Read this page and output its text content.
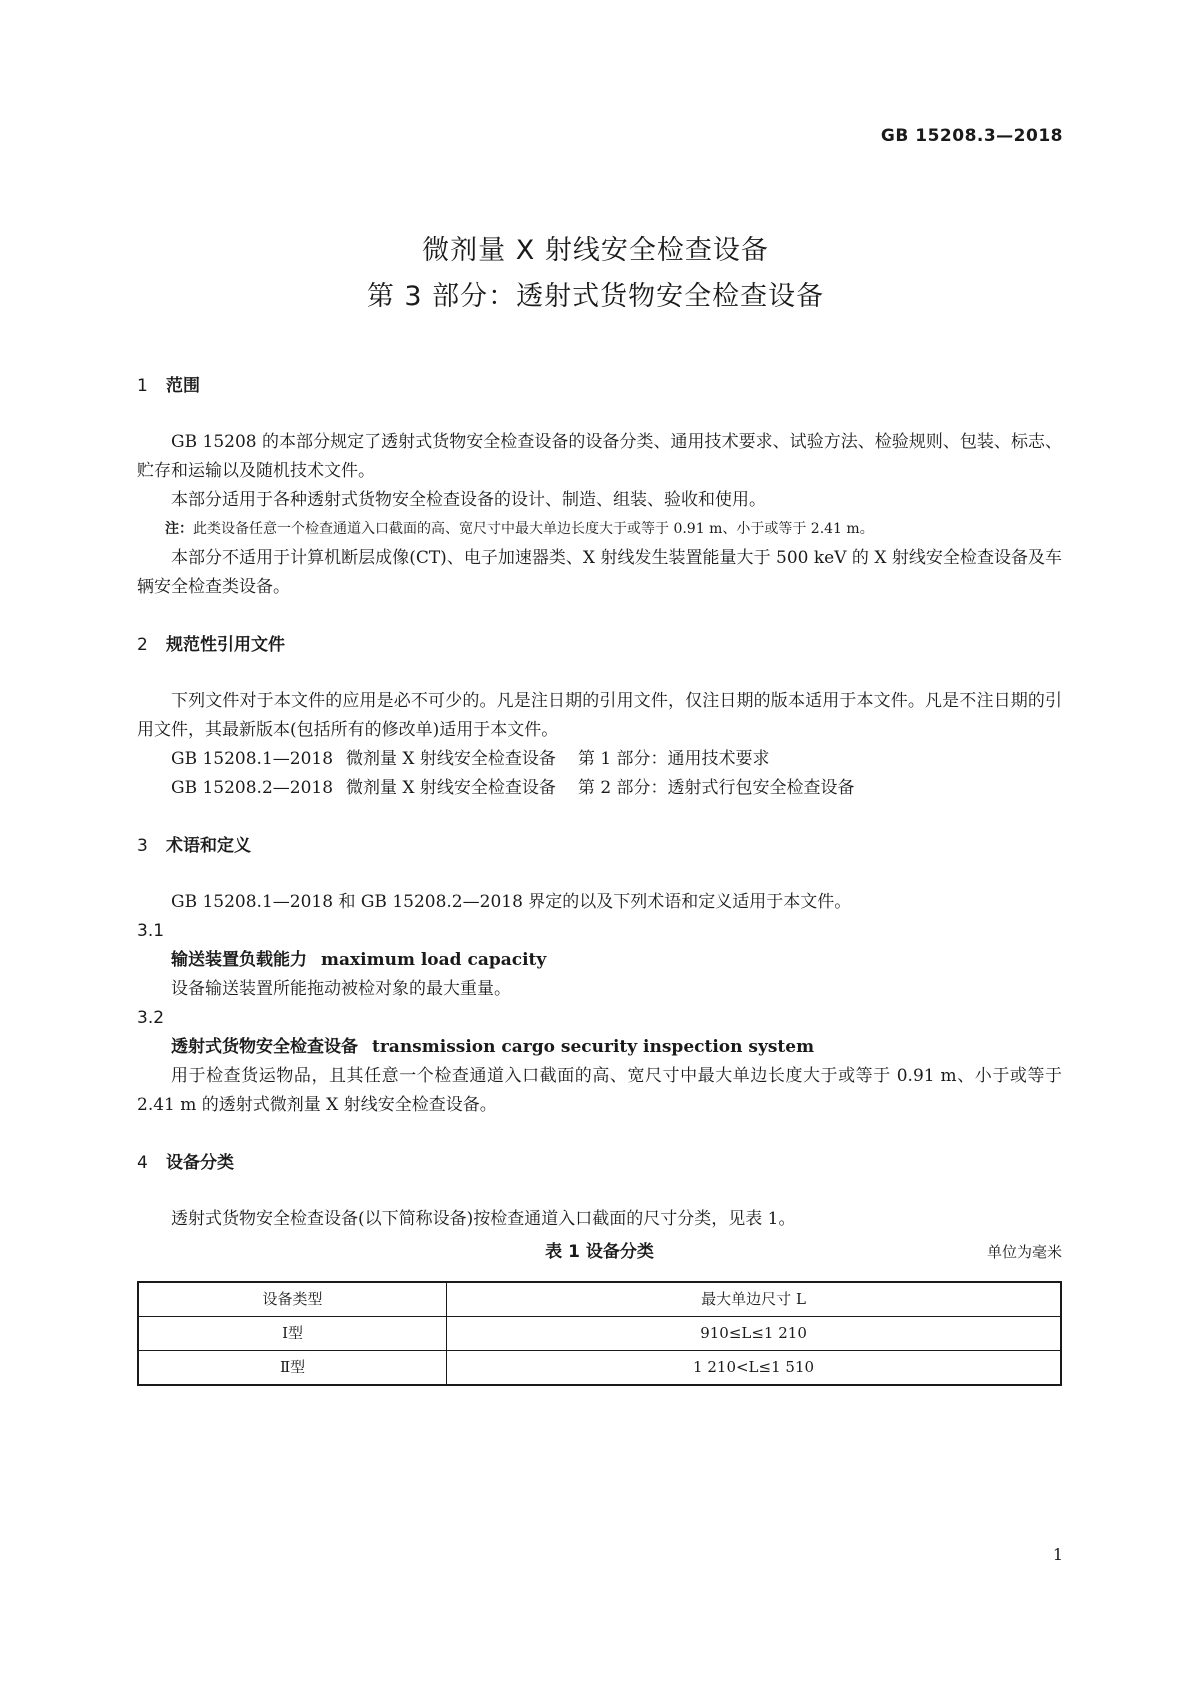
GB 15208.3—2018
微剂量 X 射线安全检查设备
第 3 部分：透射式货物安全检查设备
1 范围

GB 15208 的本部分规定了透射式货物安全检查设备的设备分类、通用技术要求、试验方法、检验规则、包装、标志、贮存和运输以及随机技术文件。

本部分适用于各种透射式货物安全检查设备的设计、制造、组装、验收和使用。

注：此类设备任意一个检查通道入口截面的高、宽尺寸中最大单边长度大于或等于 0.91 m、小于或等于 2.41 m。

本部分不适用于计算机断层成像(CT)、电子加速器类、X 射线发生装置能量大于 500 keV 的 X 射线安全检查设备及车辆安全检查类设备。

2 规范性引用文件

下列文件对于本文件的应用是必不可少的。凡是注日期的引用文件，仅注日期的版本适用于本文件。凡是不注日期的引用文件，其最新版本(包括所有的修改单)适用于本文件。

GB 15208.1—2018 微剂量 X 射线安全检查设备 第 1 部分：通用技术要求
GB 15208.2—2018 微剂量 X 射线安全检查设备 第 2 部分：透射式行包安全检查设备
3 术语和定义

GB 15208.1—2018 和 GB 15208.2—2018 界定的以及下列术语和定义适用于本文件。

3.1
输送装置负载能力 maximum load capacity

设备输送装置所能拖动被检对象的最大重量。

3.2
透射式货物安全检查设备 transmission cargo security inspection system

用于检查货运物品，且其任意一个检查通道入口截面的高、宽尺寸中最大单边长度大于或等于 0.91 m、小于或等于 2.41 m 的透射式微剂量 X 射线安全检查设备。

4 设备分类

透射式货物安全检查设备(以下简称设备)按检查通道入口截面的尺寸分类，见表 1。

表 1 设备分类	单位为毫米
设备类型	最大单边尺寸 L
Ⅰ型	910≤L≤1 210
Ⅱ型	1 210<L≤1 510
1
